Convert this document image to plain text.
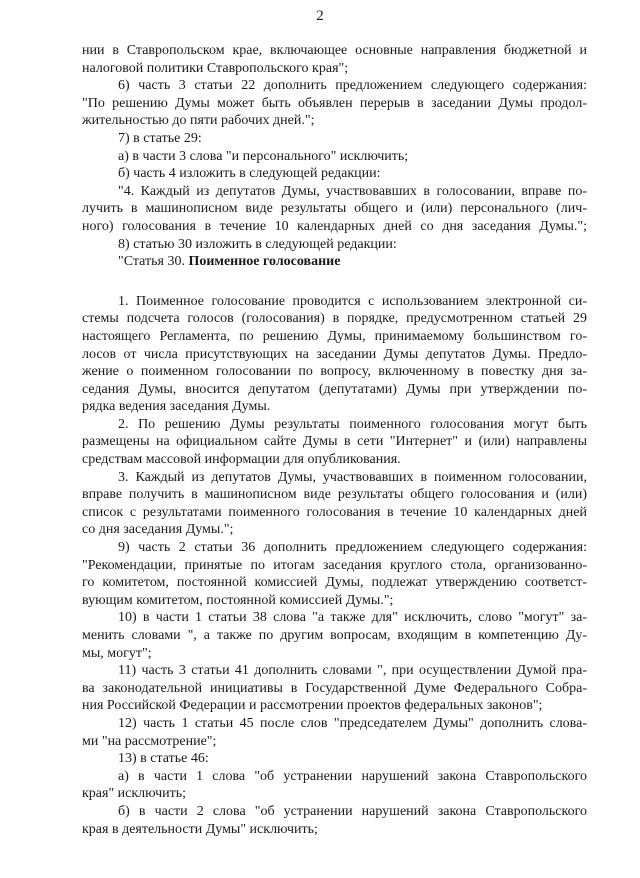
2

нии в Ставропольском крае, включающее основные направления бюджетной и
налоговой политики Ставропольского края";

6) часть 3 статьи 22 дополнить предложением следующего содержания:

"По решению Думы может быть объявлен перерыв в заседании Думы продол-
жительностью до пяти рабочих дней.";

7) в статье 29:

а) в части 3 слова "и персонального" исключить;

б) часть 4 изложить в следующей редакции:

"4. Каждый из депутатов Думы, участвовавших в голосовании, вправе по-

лучить в машинописном виде результаты общего и (или) персонального (лич-
ного) голосования в течение 10 календарных дней со дня заседания Думы.";

8) статью 30 изложить в следующей редакции:

"Статья 30. Поименное голосование

1. Поименное голосование проводится с использованием электронной си-

стемы подсчета голосов (голосования) в порядке, предусмотренном статьей 29
настоящего Регламента, по решению Думы, принимаемому большинством го-
лосов от числа присутствующих на заседании Думы депутатов Думы. Предло-
жение о поименном голосовании по вопросу, включенному в повестку дня за-
седания Думы, вносится депутатом (депутатами) Думы при утверждении по-
рядка ведения заседания Думы.

2. По решению Думы результаты поименного голосования могут быть

размещены на официальном сайте Думы в сети "Интернет" и (или) направлены
средствам массовой информации для опубликования.

3. Каждый из депутатов Думы, участвовавших в поименном голосовании,

вправе получить в машинописном виде результаты общего голосования и (или)
список с результатами поименного голосования в течение 10 календарных дней
со дня заседания Думы.";

9) часть 2 статьи 36 дополнить предложением следующего содержания:

"Рекомендации, принятые по итогам заседания круглого стола, организованно-
го комитетом, постоянной комиссией Думы, подлежат утверждению соответст-
вующим комитетом, постоянной комиссией Думы.";

10) в части 1 статьи 38 слова "а также для" исключить, слово "могут" за-

менить словами ", а также по другим вопросам, входящим в компетенцию Ду-
мы, могут";

11) часть 3 статьи 41 дополнить словами ", при осуществлении Думой пра-

ва законодательной инициативы в Государственной Думе Федерального Собра-
ния Российской Федерации и рассмотрении проектов федеральных законов";

12) часть 1 статьи 45 после слов "председателем Думы" дополнить слова-

ми "на рассмотрение";

13) в статье 46:

а) в части 1 слова "об устранении нарушений закона Ставропольского

края" исключить;

б) в части 2 слова "об устранении нарушений закона Ставропольского

края в деятельности Думы" исключить;
